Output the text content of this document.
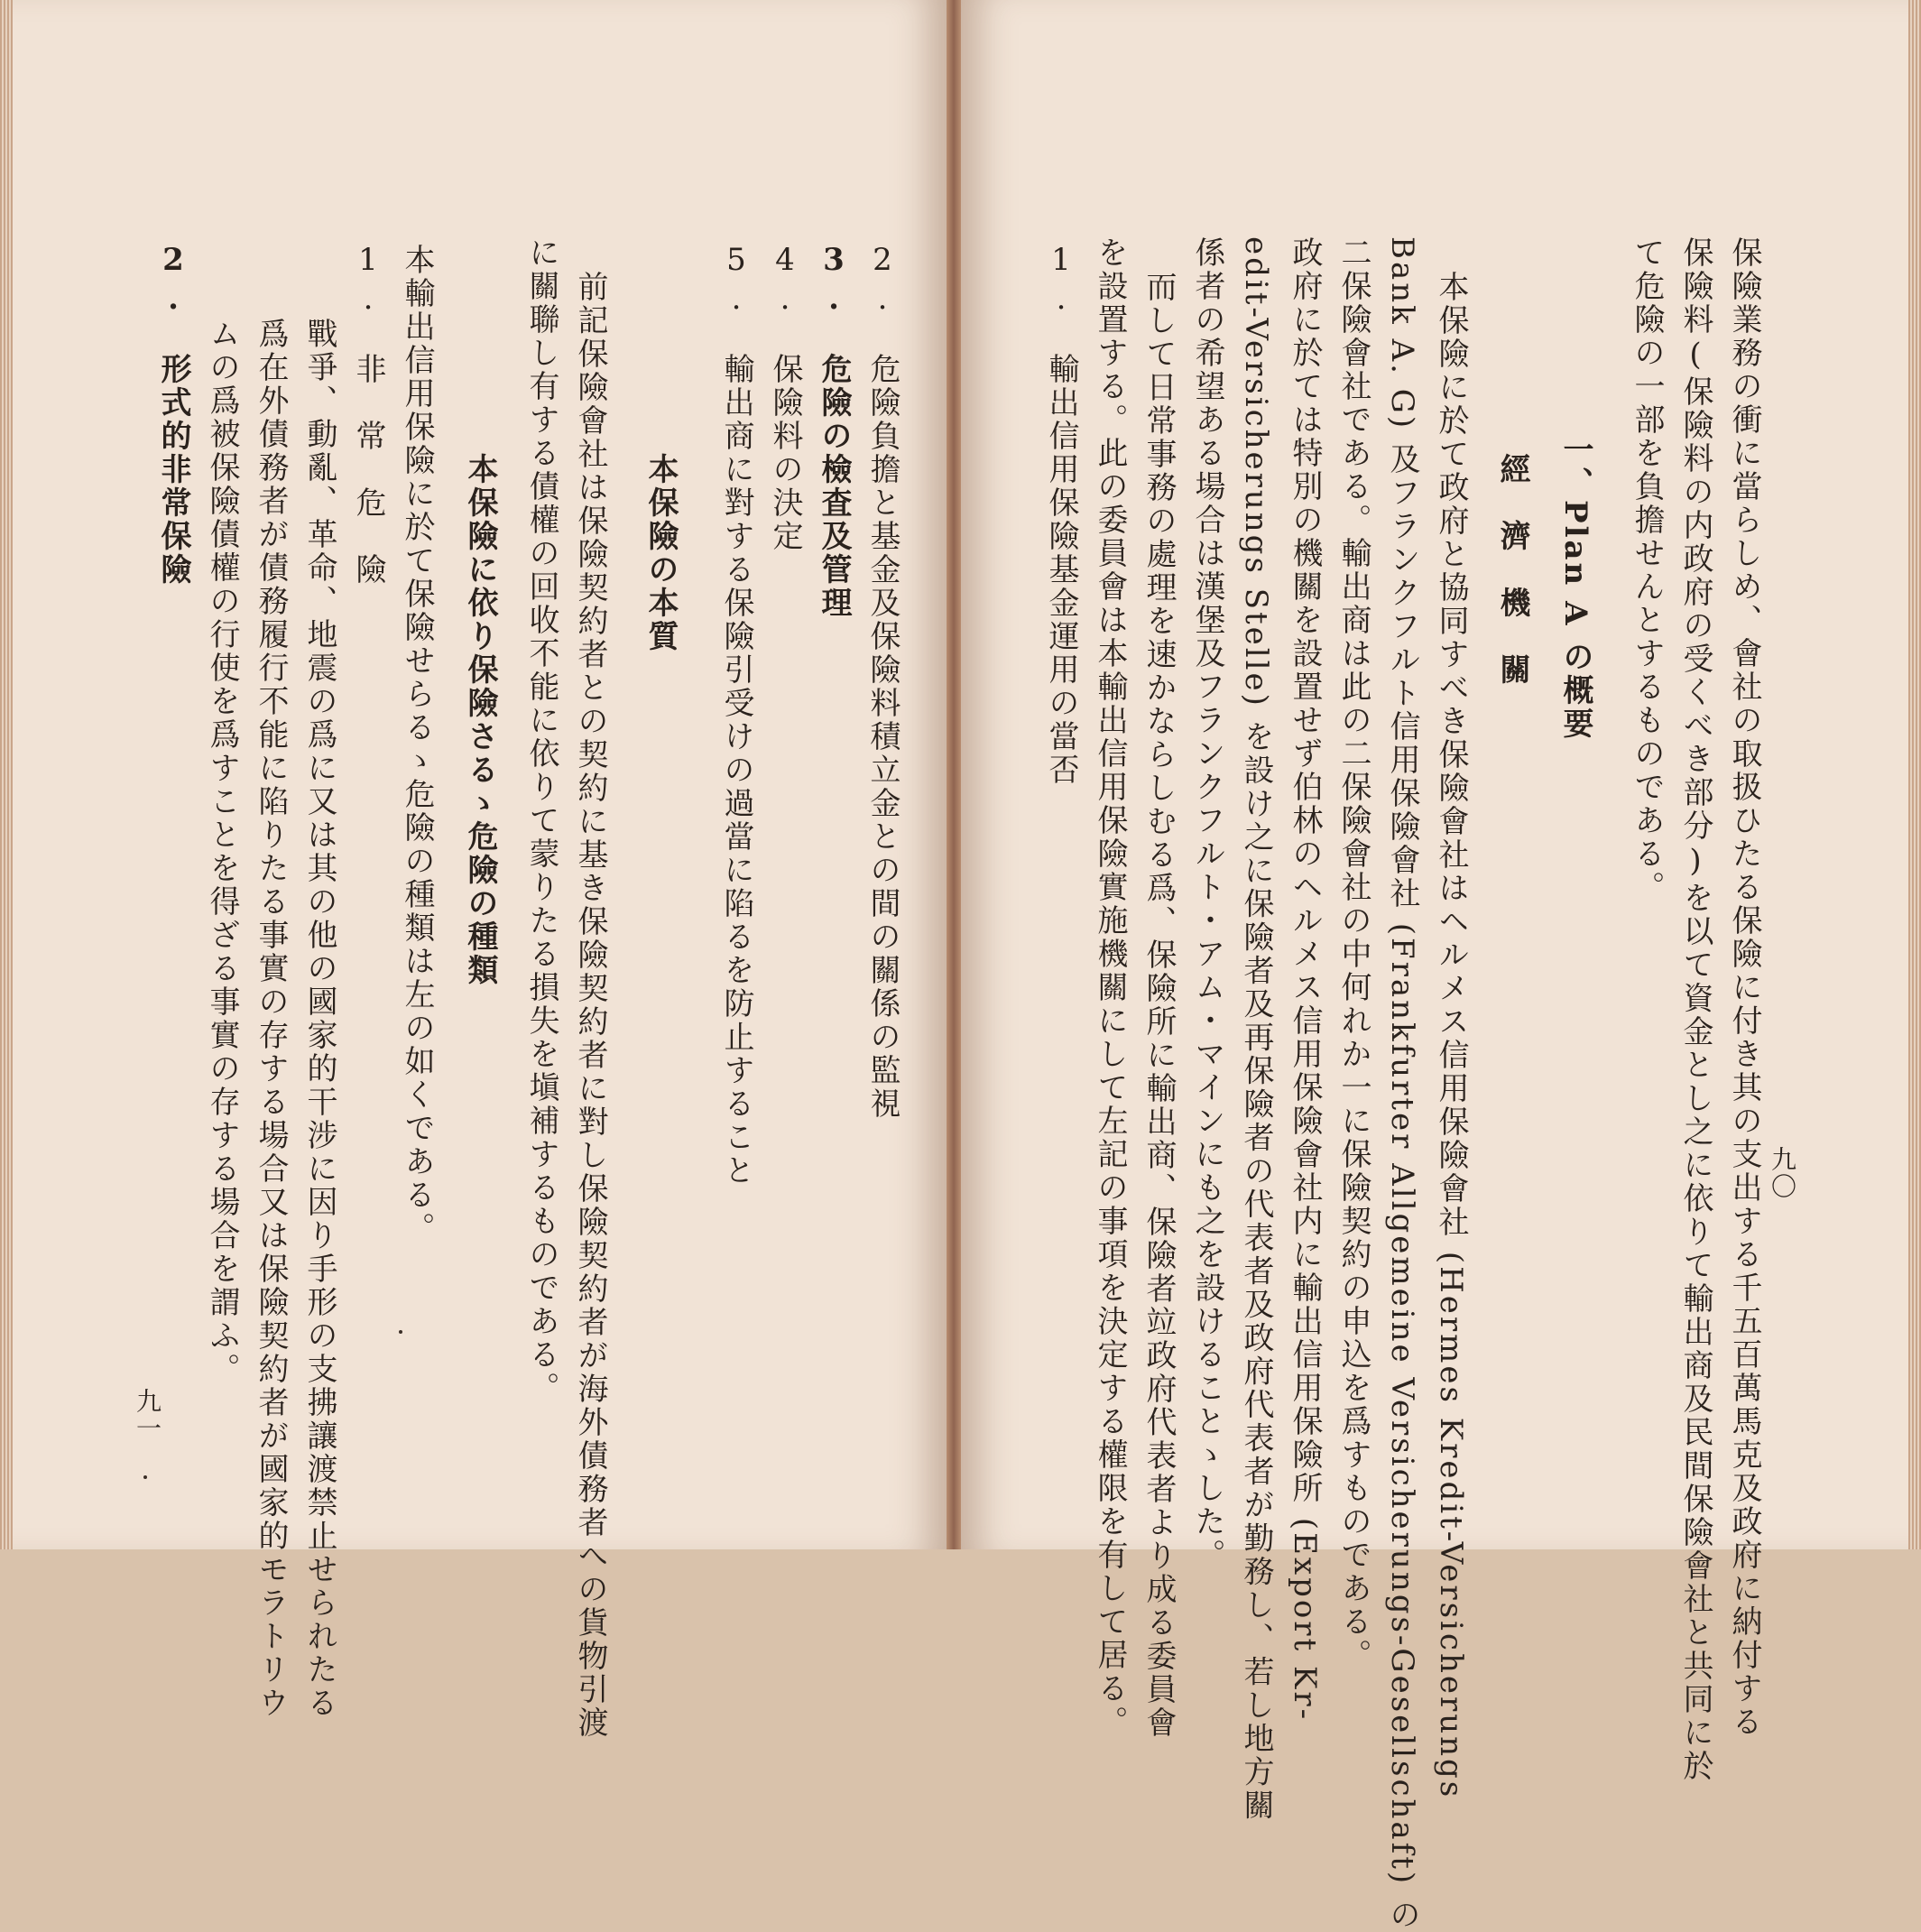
2.　危險負擔と基金及保險料積立金との間の關係の監視
3.　危險の檢査及管理
4.　保險料の決定
5.　輸出商に對する保險引受けの過當に陷るを防止すること
本保險の本質
前記保險會社は保險契約者との契約に基き保險契約者に對し保險契約者が海外債務者への貨物引渡
に關聯し有する債權の回收不能に依りて蒙りたる損失を塡補するものである。
本保險に依り保險さるゝ危險の種類
本輸出信用保險に於て保險せらるゝ危險の種類は左の如くである。
1.　非　常　危　險
戰爭、動亂、革命、地震の爲に又は其の他の國家的干涉に因り手形の支拂讓渡禁止せられたる
爲在外債務者が債務履行不能に陷りたる事實の存する場合又は保險契約者が國家的モラトリウ
ムの爲被保險債權の行使を爲すことを得ざる事實の存する場合を謂ふ。
2.　形式的非常保險
九一
九〇
保險業務の衝に當らしめ、會社の取扱ひたる保險に付き其の支出する千五百萬馬克及政府に納付する
保險料(保險料の内政府の受くべき部分)を以て資金とし之に依りて輸出商及民間保險會社と共同に於
て危險の一部を負擔せんとするものである。
一、Plan A の概要
經　濟　機　關
本保險に於て政府と協同すべき保險會社はヘルメス信用保險會社 (Hermes Kredit-Versicherungs
Bank A. G) 及フランクフルト信用保險會社 (Frankfurter Allgemeine Versicherungs-Gesellschaft) の
二保險會社である。輸出商は此の二保險會社の中何れか一に保險契約の申込を爲すものである。
政府に於ては特別の機關を設置せず伯林のヘルメス信用保險會社内に輸出信用保險所 (Export Kr-
edit-Versicherungs Stelle) を設け之に保險者及再保險者の代表者及政府代表者が勤務し、若し地方關
係者の希望ある場合は漢堡及フランクフルト・アム・マインにも之を設けることゝした。
而して日常事務の處理を速かならしむる爲、保險所に輸出商、保險者竝政府代表者より成る委員會
を設置する。此の委員會は本輸出信用保險實施機關にして左記の事項を決定する權限を有して居る。
1.　輸出信用保險基金運用の當否
